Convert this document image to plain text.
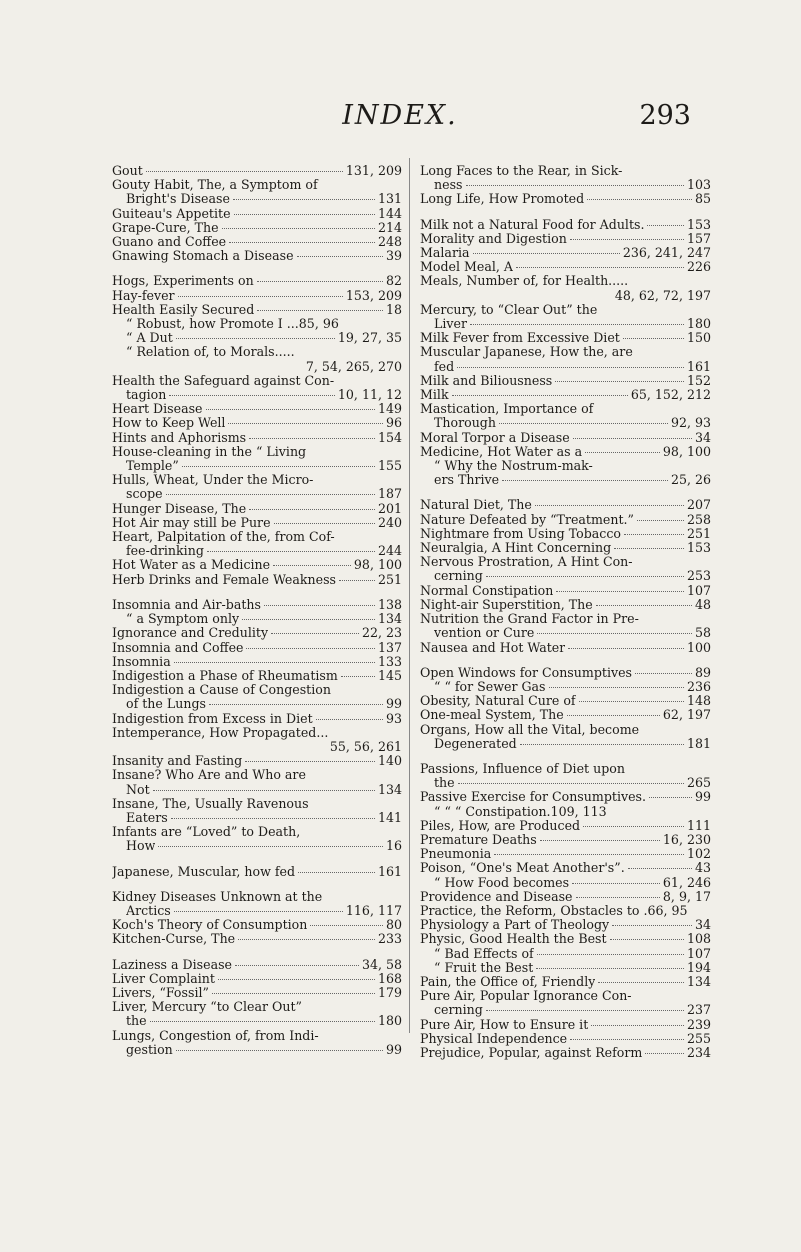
INDEX.	293
Gout	131, 209
Gouty Habit, The, a Symptom of
Bright's Disease	131
Guiteau's Appetite	144
Grape-Cure, The	214
Guano and Coffee	248
Gnawing Stomach a Disease	39
Hogs, Experiments on	82
Hay-fever	153, 209
Health Easily Secured	18
“ Robust, how Promote I ...85, 96
“ A Dut	19, 27, 35
“ Relation of, to Morals.....
7, 54, 265, 270
Health the Safeguard against Con-
tagion	10, 11, 12
Heart Disease	149
How to Keep Well	96
Hints and Aphorisms	154
House-cleaning in the “ Living
Temple”	155
Hulls, Wheat, Under the Micro-
scope	187
Hunger Disease, The	201
Hot Air may still be Pure	240
Heart, Palpitation of the, from Cof-
fee-drinking	244
Hot Water as a Medicine	98, 100
Herb Drinks and Female Weakness	251
Insomnia and Air-baths	138
“ a Symptom only	134
Ignorance and Credulity	22, 23
Insomnia and Coffee	137
Insomnia	133
Indigestion a Phase of Rheumatism	145
Indigestion a Cause of Congestion
of the Lungs	99
Indigestion from Excess in Diet	93
Intemperance, How Propagated...
55, 56, 261
Insanity and Fasting	140
Insane? Who Are and Who are
Not	134
Insane, The, Usually Ravenous
Eaters	141
Infants are “Loved” to Death,
How	16
Japanese, Muscular, how fed	161
Kidney Diseases Unknown at the
Arctics	116, 117
Koch's Theory of Consumption	80
Kitchen-Curse, The	233
Laziness a Disease	34, 58
Liver Complaint	168
Livers, “Fossil”	179
Liver, Mercury “to Clear Out”
the	180
Lungs, Congestion of, from Indi-
gestion	99
Long Faces to the Rear, in Sick-
ness	103
Long Life, How Promoted	85
Milk not a Natural Food for Adults.	153
Morality and Digestion	157
Malaria	236, 241, 247
Model Meal, A	226
Meals, Number of, for Health.....
48, 62, 72, 197
Mercury, to “Clear Out” the
Liver	180
Milk Fever from Excessive Diet	150
Muscular Japanese, How the, are
fed	161
Milk and Biliousness	152
Milk	65, 152, 212
Mastication, Importance of
Thorough	92, 93
Moral Torpor a Disease	34
Medicine, Hot Water as a	98, 100
“ Why the Nostrum-mak-
ers Thrive	25, 26
Natural Diet, The	207
Nature Defeated by “Treatment.”	258
Nightmare from Using Tobacco	251
Neuralgia, A Hint Concerning	153
Nervous Prostration, A Hint Con-
cerning	253
Normal Constipation	107
Night-air Superstition, The	48
Nutrition the Grand Factor in Pre-
vention or Cure	58
Nausea and Hot Water	100
Open Windows for Consumptives	89
“ “ for Sewer Gas	236
Obesity, Natural Cure of	148
One-meal System, The	62, 197
Organs, How all the Vital, become
Degenerated	181
Passions, Influence of Diet upon
the	265
Passive Exercise for Consumptives.	99
“ “ “ Constipation.109, 113
Piles, How, are Produced	111
Premature Deaths	16, 230
Pneumonia	102
Poison, “One's Meat Another's”.	43
“ How Food becomes	61, 246
Providence and Disease	8, 9, 17
Practice, the Reform, Obstacles to .66, 95
Physiology a Part of Theology	34
Physic, Good Health the Best	108
“ Bad Effects of	107
“ Fruit the Best	194
Pain, the Office of, Friendly	134
Pure Air, Popular Ignorance Con-
cerning	237
Pure Air, How to Ensure it	239
Physical Independence	255
Prejudice, Popular, against Reform	234
